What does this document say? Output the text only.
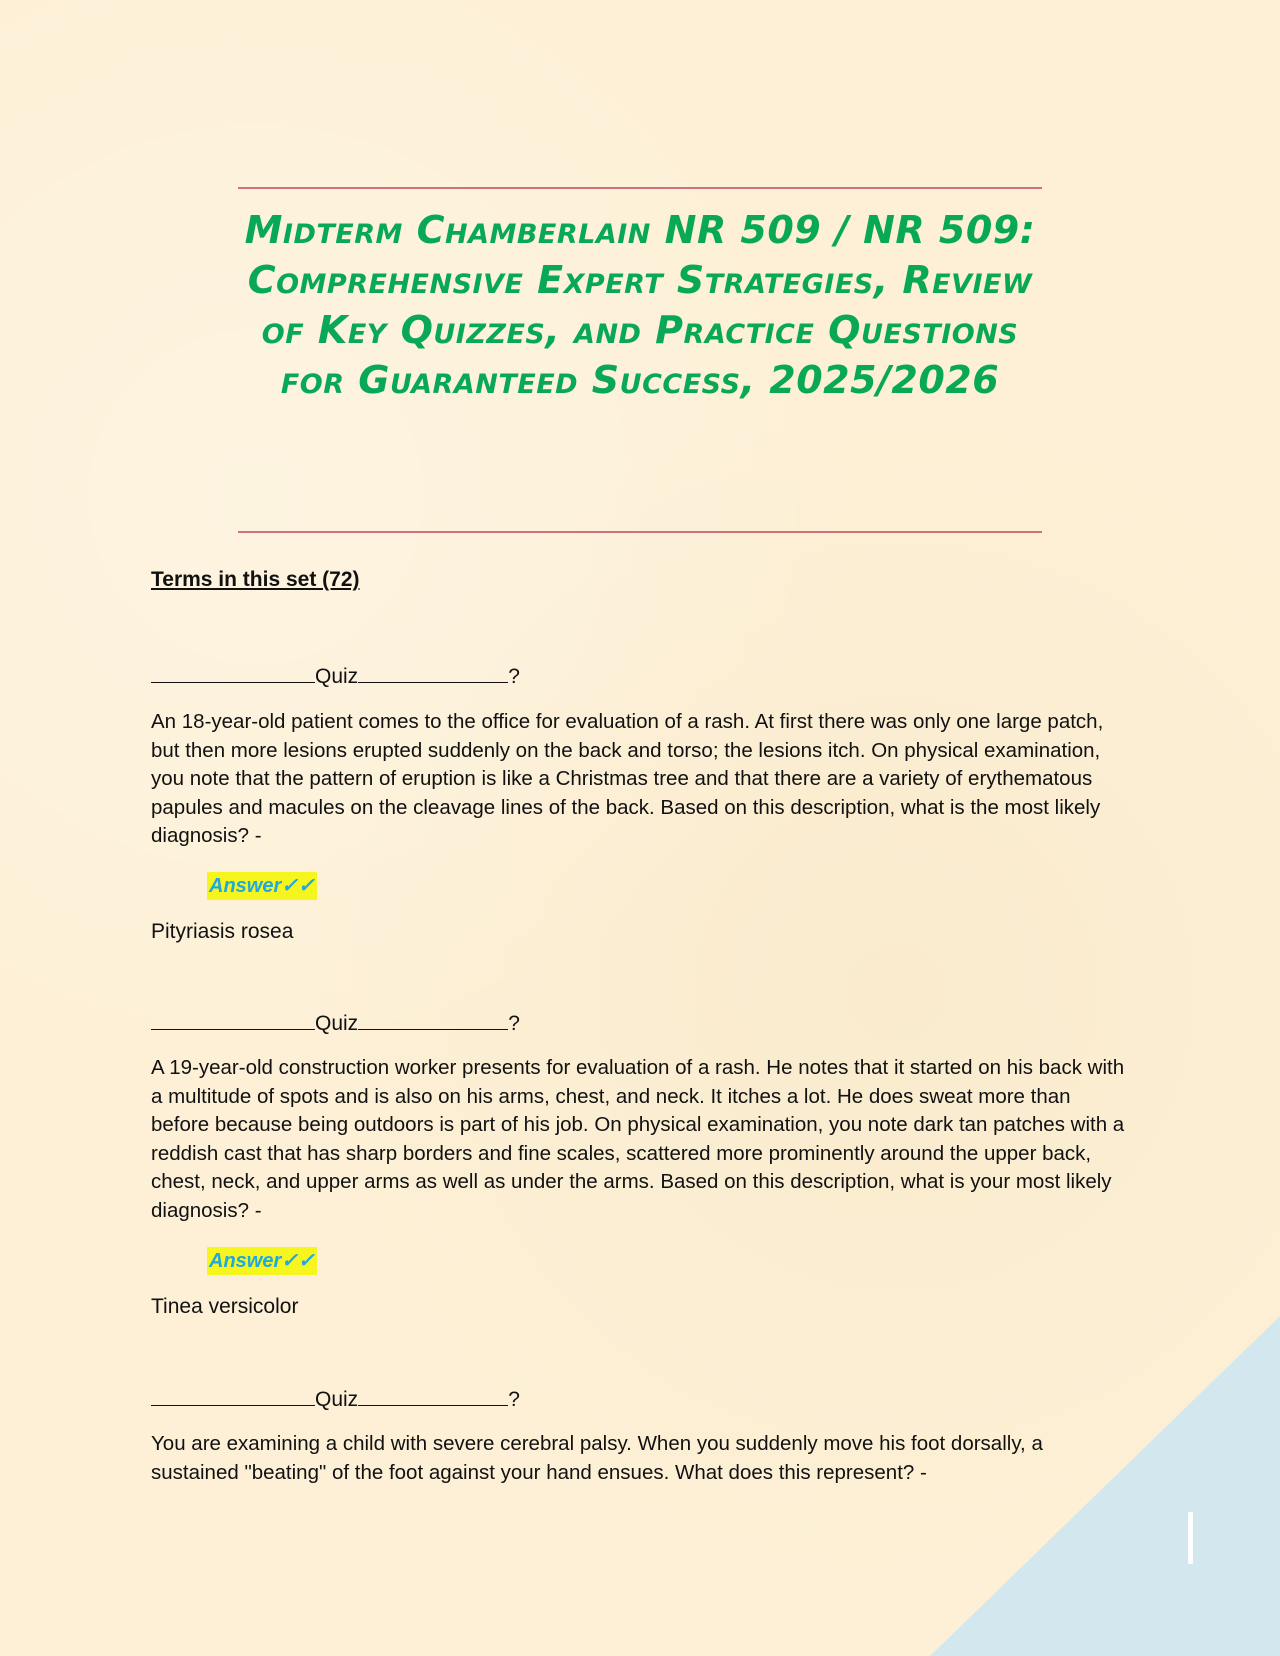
Midterm Chamberlain NR 509 / NR 509: Comprehensive Expert Strategies, Review of Key Quizzes, and Practice Questions for Guaranteed Success, 2025/2026
Terms in this set (72)
Quiz	?
An 18-year-old patient comes to the office for evaluation of a rash. At first there was only one large patch, but then more lesions erupted suddenly on the back and torso; the lesions itch. On physical examination, you note that the pattern of eruption is like a Christmas tree and that there are a variety of erythematous papules and macules on the cleavage lines of the back. Based on this description, what is the most likely diagnosis? -
Answer✓✓
Pityriasis rosea
Quiz	?
A 19-year-old construction worker presents for evaluation of a rash. He notes that it started on his back with a multitude of spots and is also on his arms, chest, and neck. It itches a lot. He does sweat more than before because being outdoors is part of his job. On physical examination, you note dark tan patches with a reddish cast that has sharp borders and fine scales, scattered more prominently around the upper back, chest, neck, and upper arms as well as under the arms. Based on this description, what is your most likely diagnosis? -
Answer✓✓
Tinea versicolor
Quiz	?
You are examining a child with severe cerebral palsy. When you suddenly move his foot dorsally, a sustained "beating" of the foot against your hand ensues. What does this represent? -
